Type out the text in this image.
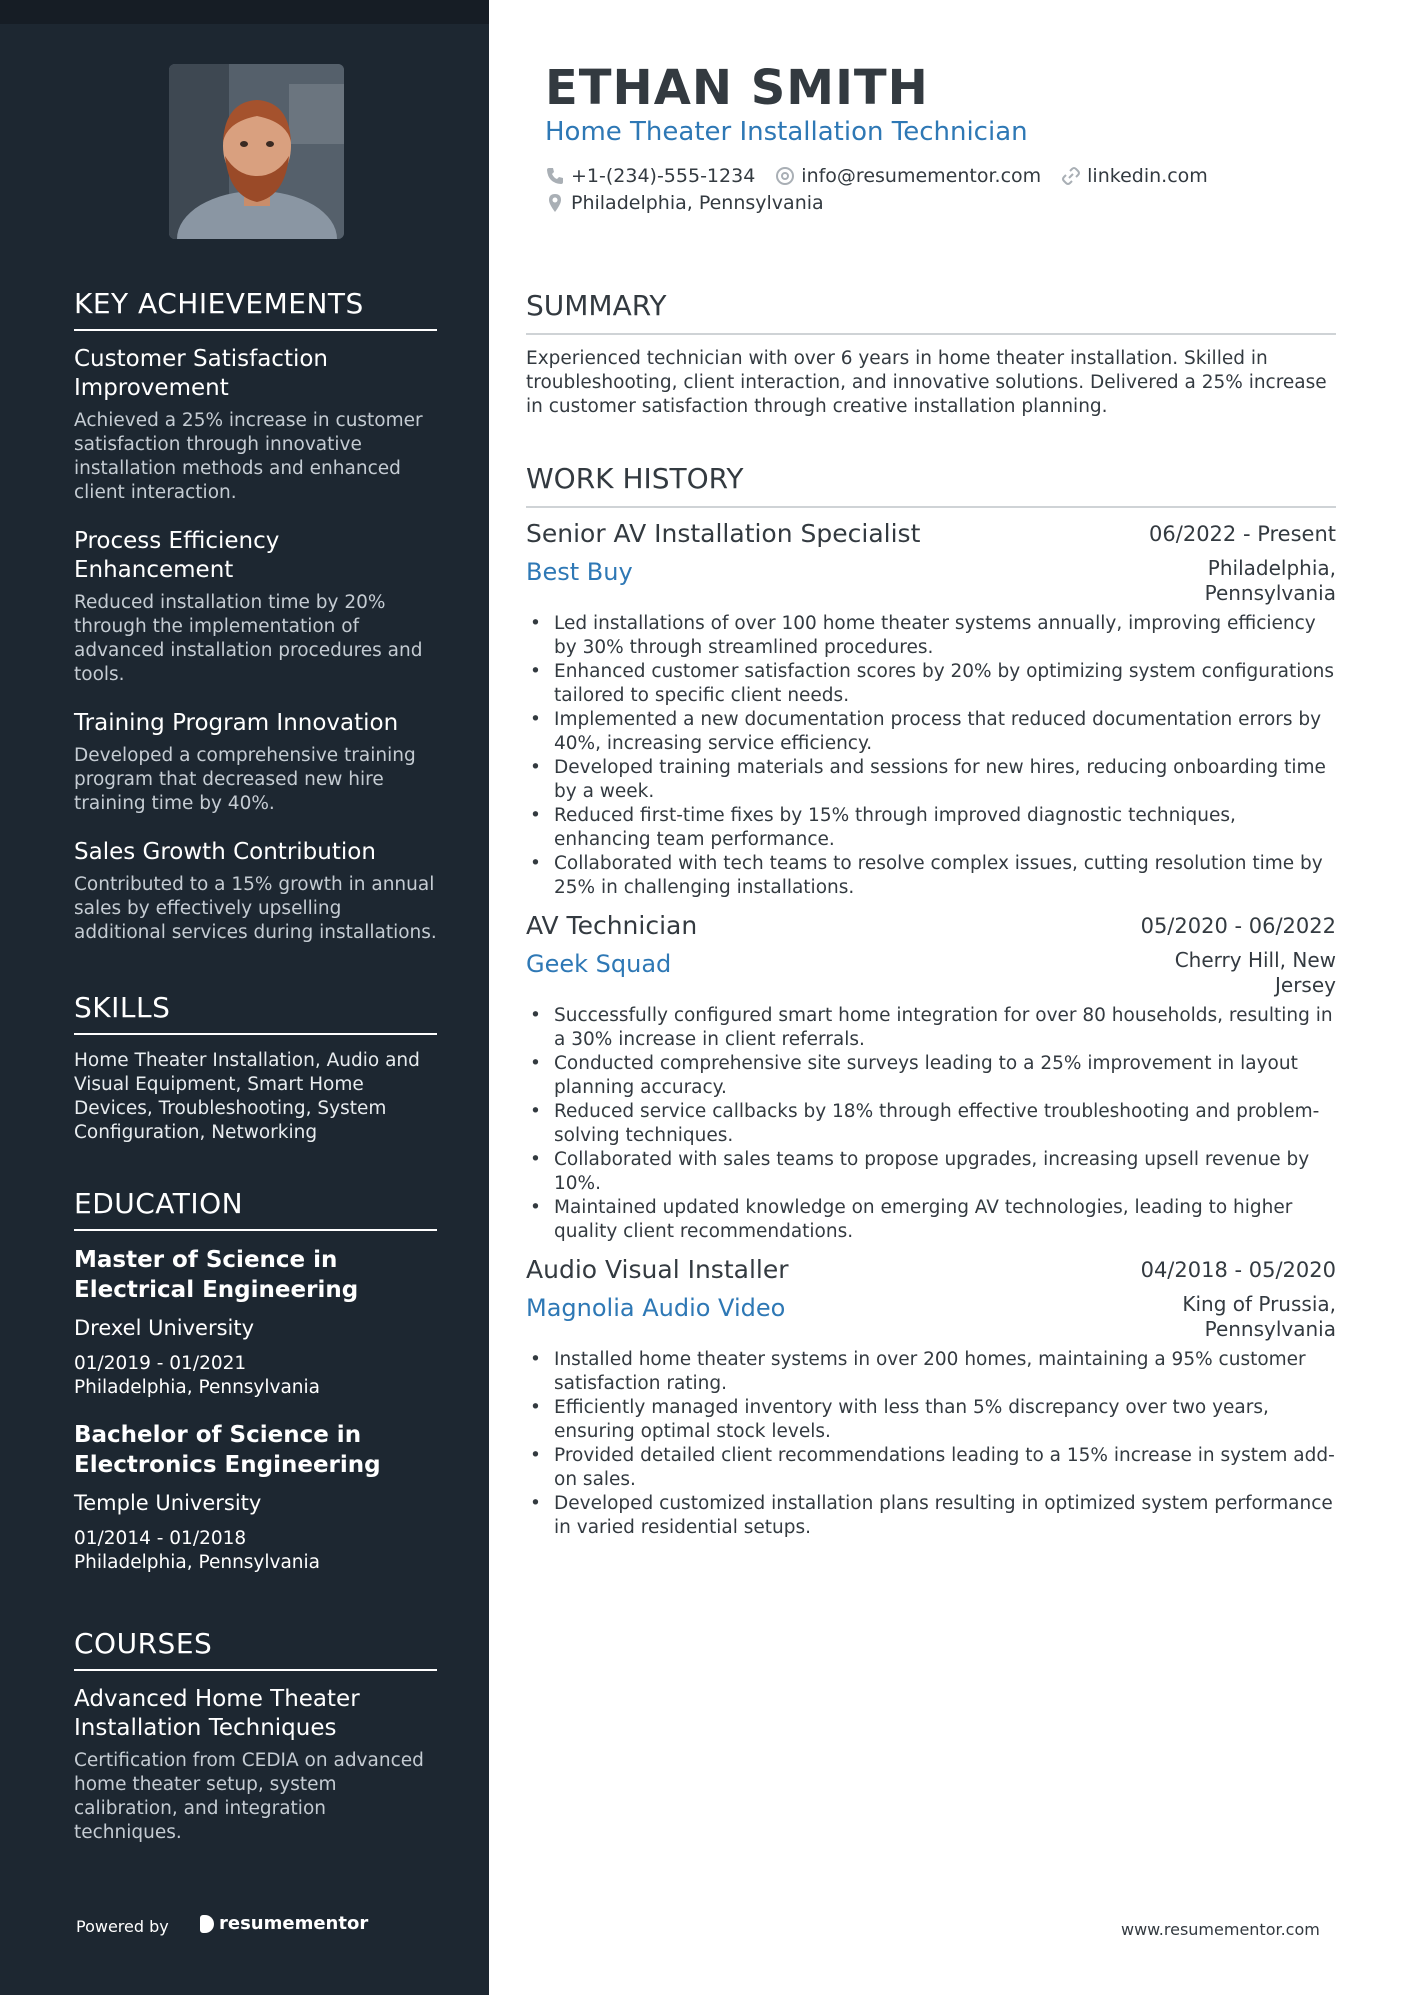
KEY ACHIEVEMENTS
Customer Satisfaction Improvement
Achieved a 25% increase in customer satisfaction through innovative installation methods and enhanced client interaction.
Process Efficiency Enhancement
Reduced installation time by 20% through the implementation of advanced installation procedures and tools.
Training Program Innovation
Developed a comprehensive training program that decreased new hire training time by 40%.
Sales Growth Contribution
Contributed to a 15% growth in annual sales by effectively upselling additional services during installations.
SKILLS
Home Theater Installation, Audio and Visual Equipment, Smart Home Devices, Troubleshooting, System Configuration, Networking
EDUCATION
Master of Science in Electrical Engineering
Drexel University
01/2019 - 01/2021
Philadelphia, Pennsylvania
Bachelor of Science in Electronics Engineering
Temple University
01/2014 - 01/2018
Philadelphia, Pennsylvania
COURSES
Advanced Home Theater Installation Techniques
Certification from CEDIA on advanced home theater setup, system calibration, and integration techniques.
Powered by	resumementor
ETHAN SMITH
Home Theater Installation Technician
+1-(234)-555-1234 info@resumementor.com linkedin.com
Philadelphia, Pennsylvania
SUMMARY
Experienced technician with over 6 years in home theater installation. Skilled in troubleshooting, client interaction, and innovative solutions. Delivered a 25% increase in customer satisfaction through creative installation planning.
WORK HISTORY
Senior AV Installation Specialist	06/2022 - Present
Best Buy	Philadelphia, Pennsylvania
• Led installations of over 100 home theater systems annually, improving efficiency by 30% through streamlined procedures.
• Enhanced customer satisfaction scores by 20% by optimizing system configurations tailored to specific client needs.
• Implemented a new documentation process that reduced documentation errors by 40%, increasing service efficiency.
• Developed training materials and sessions for new hires, reducing onboarding time by a week.
• Reduced first-time fixes by 15% through improved diagnostic techniques, enhancing team performance.
• Collaborated with tech teams to resolve complex issues, cutting resolution time by 25% in challenging installations.
AV Technician	05/2020 - 06/2022
Geek Squad	Cherry Hill, New Jersey
• Successfully configured smart home integration for over 80 households, resulting in a 30% increase in client referrals.
• Conducted comprehensive site surveys leading to a 25% improvement in layout planning accuracy.
• Reduced service callbacks by 18% through effective troubleshooting and problem-solving techniques.
• Collaborated with sales teams to propose upgrades, increasing upsell revenue by 10%.
• Maintained updated knowledge on emerging AV technologies, leading to higher quality client recommendations.
Audio Visual Installer	04/2018 - 05/2020
Magnolia Audio Video	King of Prussia, Pennsylvania
• Installed home theater systems in over 200 homes, maintaining a 95% customer satisfaction rating.
• Efficiently managed inventory with less than 5% discrepancy over two years, ensuring optimal stock levels.
• Provided detailed client recommendations leading to a 15% increase in system add-on sales.
• Developed customized installation plans resulting in optimized system performance in varied residential setups.
www.resumementor.com
